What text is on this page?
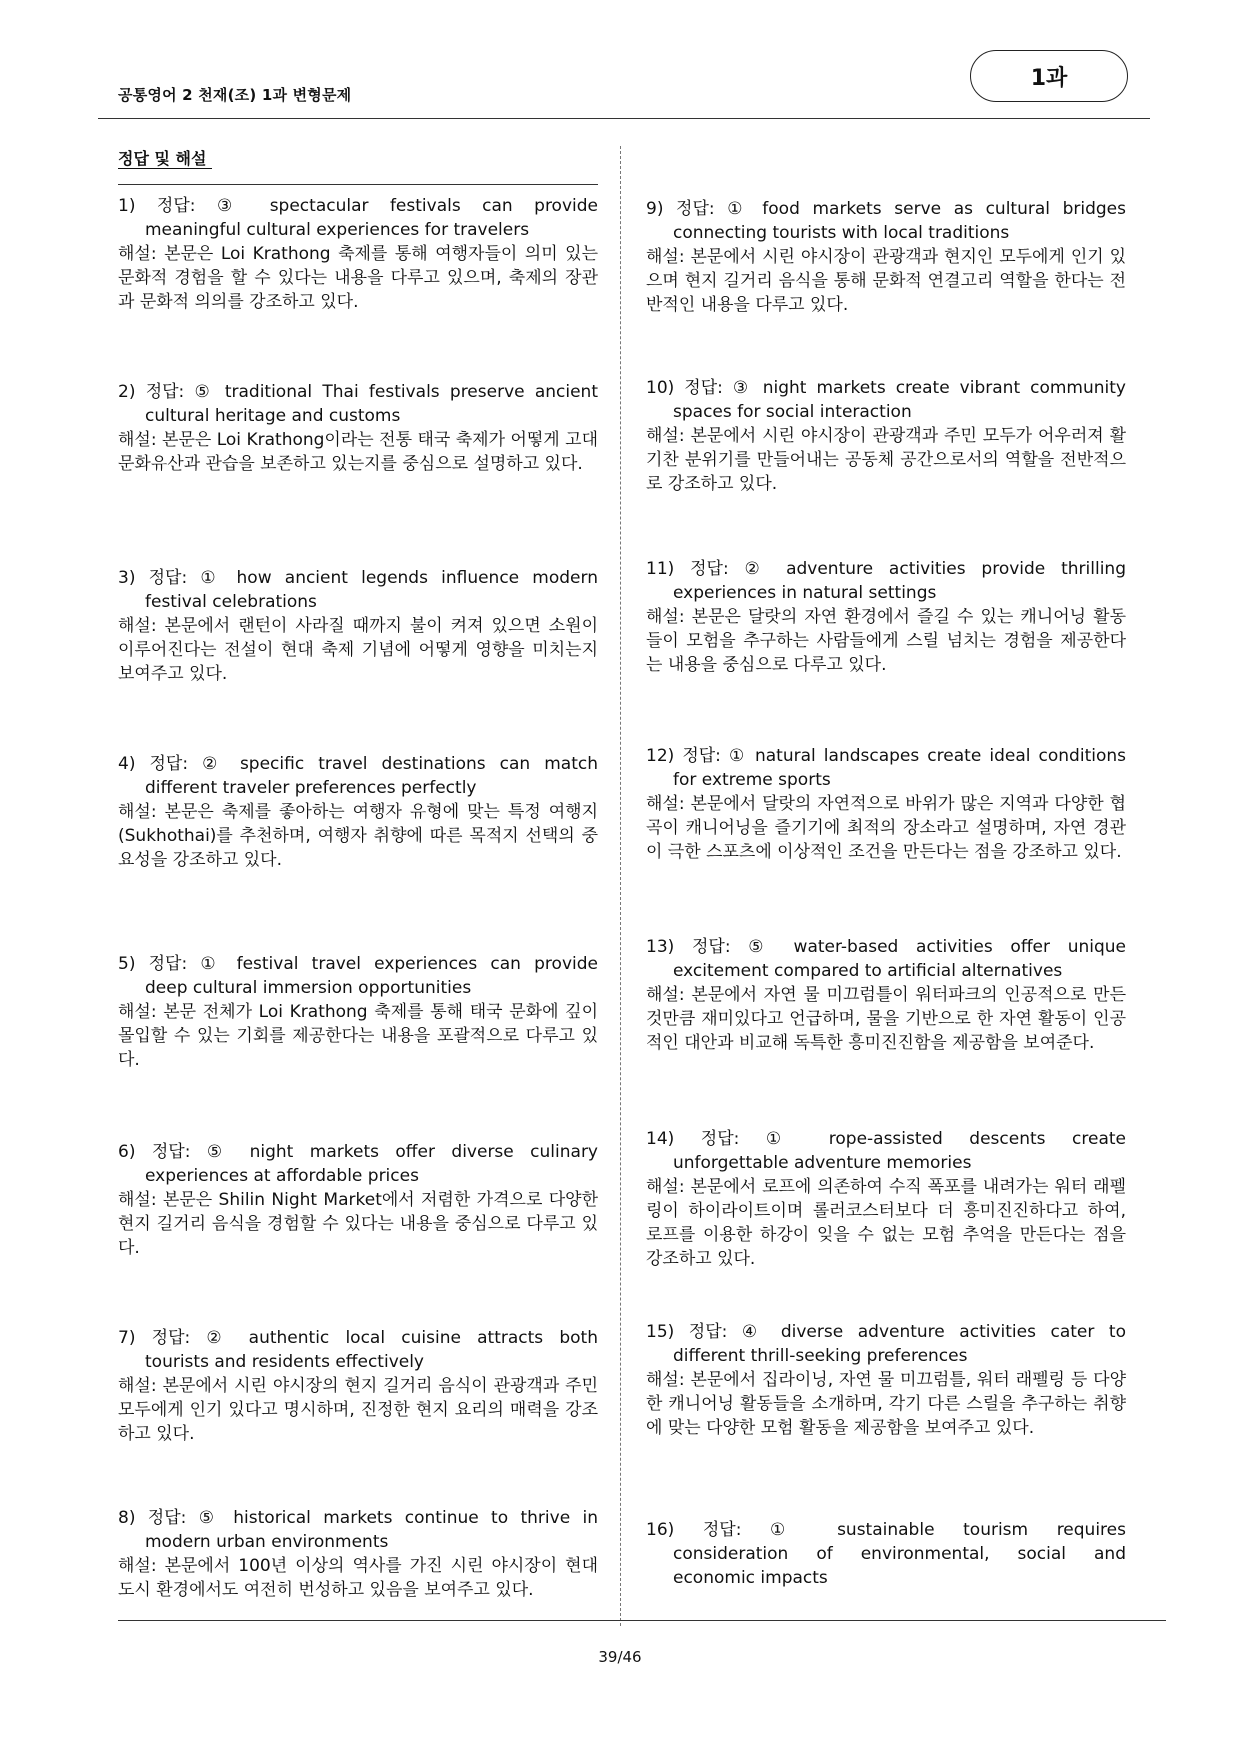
공통영어 2 천재(조) 1과 변형문제
1과
정답 및 해설
1) 정답: ③ spectacular festivals can provide
meaningful cultural experiences for travelers
해설: 본문은 Loi Krathong 축제를 통해 여행자들이 의미 있는 문화적 경험을 할 수 있다는 내용을 다루고 있으며, 축제의 장관과 문화적 의의를 강조하고 있다.
2) 정답: ⑤ traditional Thai festivals preserve ancient
cultural heritage and customs
해설: 본문은 Loi Krathong이라는 전통 태국 축제가 어떻게 고대 문화유산과 관습을 보존하고 있는지를 중심으로 설명하고 있다.
3) 정답: ① how ancient legends influence modern
festival celebrations
해설: 본문에서 랜턴이 사라질 때까지 불이 켜져 있으면 소원이 이루어진다는 전설이 현대 축제 기념에 어떻게 영향을 미치는지 보여주고 있다.
4) 정답: ② specific travel destinations can match
different traveler preferences perfectly
해설: 본문은 축제를 좋아하는 여행자 유형에 맞는 특정 여행지(Sukhothai)를 추천하며, 여행자 취향에 따른 목적지 선택의 중요성을 강조하고 있다.
5) 정답: ① festival travel experiences can provide
deep cultural immersion opportunities
해설: 본문 전체가 Loi Krathong 축제를 통해 태국 문화에 깊이 몰입할 수 있는 기회를 제공한다는 내용을 포괄적으로 다루고 있다.
6) 정답: ⑤ night markets offer diverse culinary
experiences at affordable prices
해설: 본문은 Shilin Night Market에서 저렴한 가격으로 다양한 현지 길거리 음식을 경험할 수 있다는 내용을 중심으로 다루고 있다.
7) 정답: ② authentic local cuisine attracts both
tourists and residents effectively
해설: 본문에서 시린 야시장의 현지 길거리 음식이 관광객과 주민 모두에게 인기 있다고 명시하며, 진정한 현지 요리의 매력을 강조하고 있다.
8) 정답: ⑤ historical markets continue to thrive in
modern urban environments
해설: 본문에서 100년 이상의 역사를 가진 시린 야시장이 현대 도시 환경에서도 여전히 번성하고 있음을 보여주고 있다.
9) 정답: ① food markets serve as cultural bridges
connecting tourists with local traditions
해설: 본문에서 시린 야시장이 관광객과 현지인 모두에게 인기 있으며 현지 길거리 음식을 통해 문화적 연결고리 역할을 한다는 전반적인 내용을 다루고 있다.
10) 정답: ③ night markets create vibrant community
spaces for social interaction
해설: 본문에서 시린 야시장이 관광객과 주민 모두가 어우러져 활기찬 분위기를 만들어내는 공동체 공간으로서의 역할을 전반적으로 강조하고 있다.
11) 정답: ② adventure activities provide thrilling
experiences in natural settings
해설: 본문은 달랏의 자연 환경에서 즐길 수 있는 캐니어닝 활동들이 모험을 추구하는 사람들에게 스릴 넘치는 경험을 제공한다는 내용을 중심으로 다루고 있다.
12) 정답: ① natural landscapes create ideal conditions
for extreme sports
해설: 본문에서 달랏의 자연적으로 바위가 많은 지역과 다양한 협곡이 캐니어닝을 즐기기에 최적의 장소라고 설명하며, 자연 경관이 극한 스포츠에 이상적인 조건을 만든다는 점을 강조하고 있다.
13) 정답: ⑤ water-based activities offer unique
excitement compared to artificial alternatives
해설: 본문에서 자연 물 미끄럼틀이 워터파크의 인공적으로 만든 것만큼 재미있다고 언급하며, 물을 기반으로 한 자연 활동이 인공적인 대안과 비교해 독특한 흥미진진함을 제공함을 보여준다.
14) 정답: ① rope-assisted descents create
unforgettable adventure memories
해설: 본문에서 로프에 의존하여 수직 폭포를 내려가는 워터 래펠링이 하이라이트이며 롤러코스터보다 더 흥미진진하다고 하여, 로프를 이용한 하강이 잊을 수 없는 모험 추억을 만든다는 점을 강조하고 있다.
15) 정답: ④ diverse adventure activities cater to
different thrill-seeking preferences
해설: 본문에서 집라이닝, 자연 물 미끄럼틀, 워터 래펠링 등 다양한 캐니어닝 활동들을 소개하며, 각기 다른 스릴을 추구하는 취향에 맞는 다양한 모험 활동을 제공함을 보여주고 있다.
16) 정답: ① sustainable tourism requires
consideration of environmental, social and
economic impacts
39/46
